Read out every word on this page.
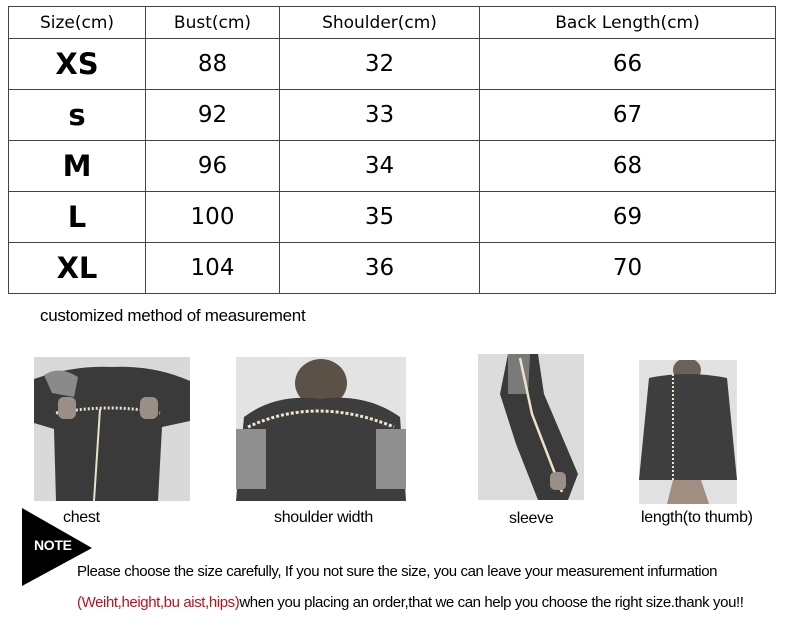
Size(cm)	Bust(cm)	Shoulder(cm)	Back Length(cm)
XS	88	32	66
s	92	33	67
M	96	34	68
L	100	35	69
XL	104	36	70
customized method of measurement
chest	shoulder width	sleeve	length(to thumb)
NOTE
Please choose the size carefully, If you not sure the size, you can leave your measurement infurmation
(Weiht,height,bu aist,hips)when you placing an order,that we can help you choose the right size.thank you!!
